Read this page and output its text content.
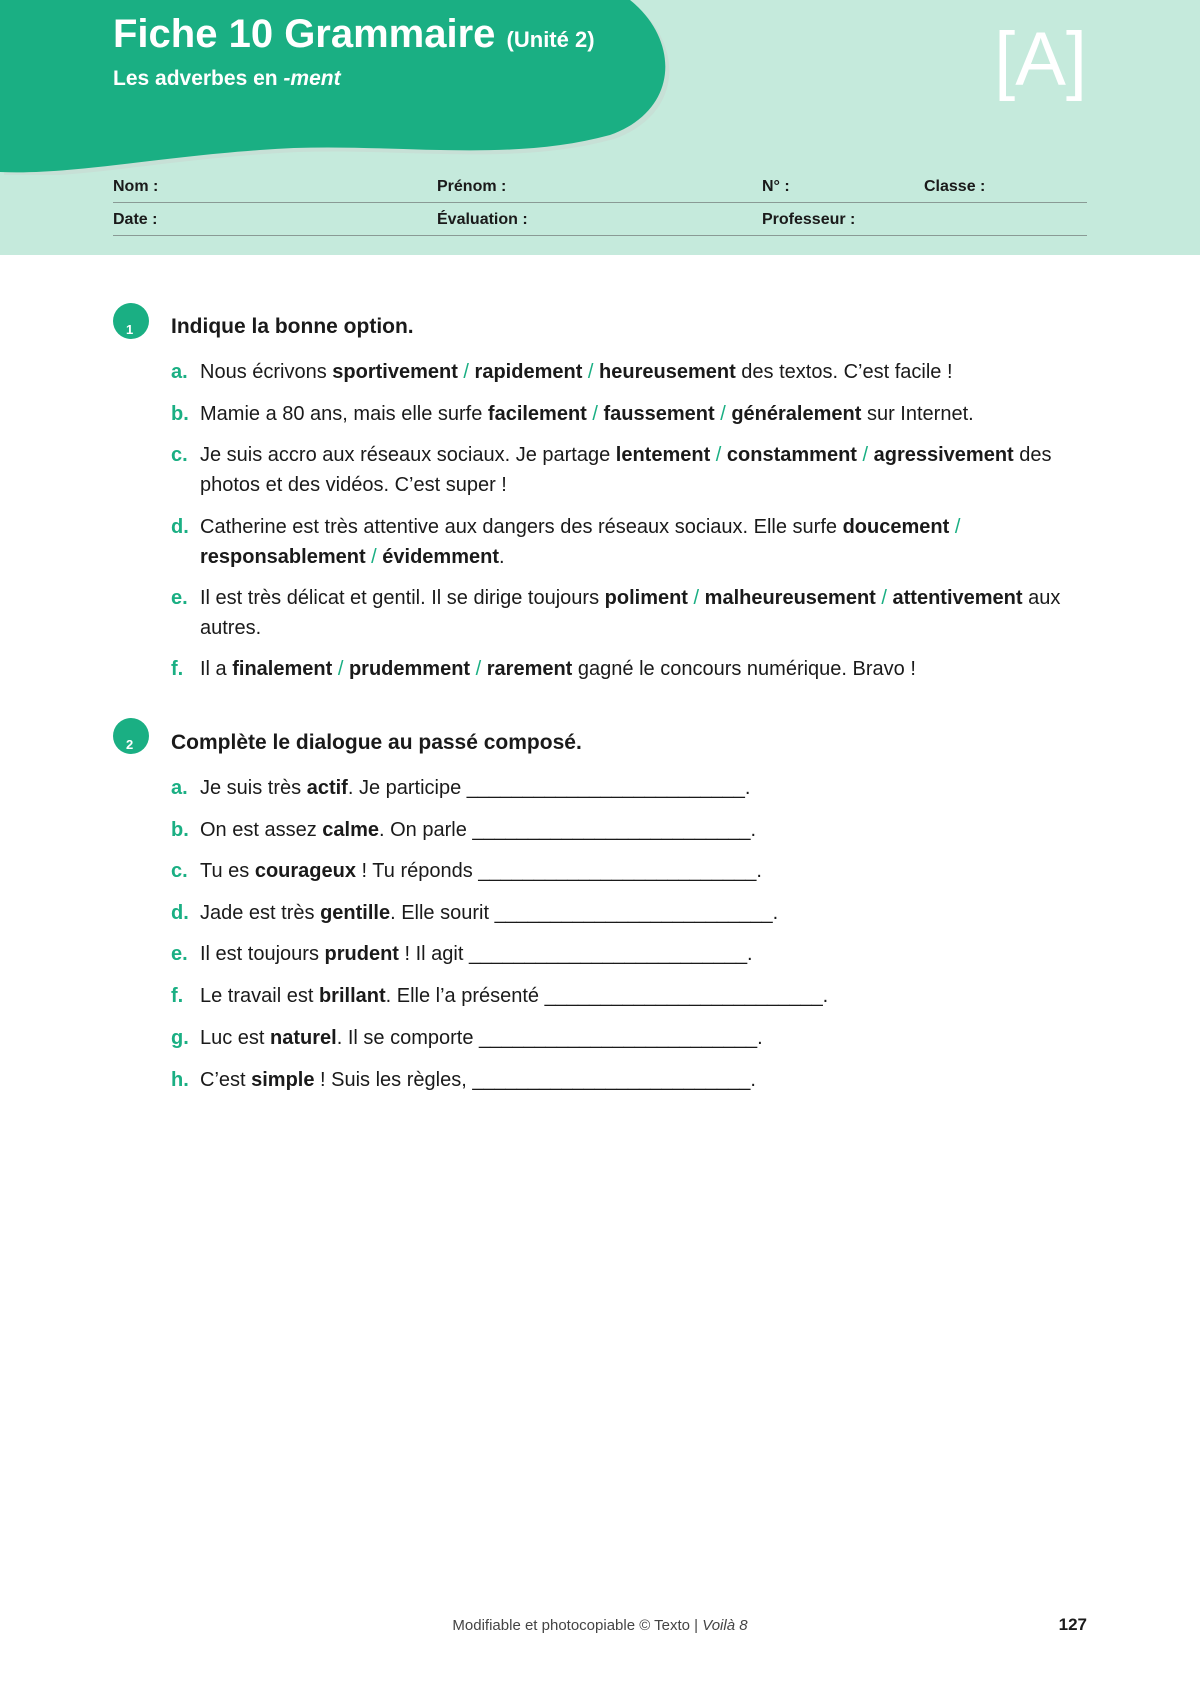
Fiche 10 Grammaire (Unité 2)
Les adverbes en -ment	[A]
Nom :	Prénom :	N° :	Classe :
Date :	Évaluation :	Professeur :
1 Indique la bonne option.
a. Nous écrivons sportivement / rapidement / heureusement des textos. C’est facile !
b. Mamie a 80 ans, mais elle surfe facilement / faussement / généralement sur Internet.
c. Je suis accro aux réseaux sociaux. Je partage lentement / constamment / agressivement des photos et des vidéos. C’est super !
d. Catherine est très attentive aux dangers des réseaux sociaux. Elle surfe doucement / responsablement / évidemment.
e. Il est très délicat et gentil. Il se dirige toujours poliment / malheureusement / attentivement aux autres.
f. Il a finalement / prudemment / rarement gagné le concours numérique. Bravo !
2 Complète le dialogue au passé composé.
a. Je suis très actif. Je participe _________________________.
b. On est assez calme. On parle _________________________.
c. Tu es courageux ! Tu réponds _________________________.
d. Jade est très gentille. Elle sourit _________________________.
e. Il est toujours prudent ! Il agit _________________________.
f. Le travail est brillant. Elle l’a présenté _________________________.
g. Luc est naturel. Il se comporte _________________________.
h. C’est simple ! Suis les règles, _________________________.
Modifiable et photocopiable © Texto | Voilà 8	127
